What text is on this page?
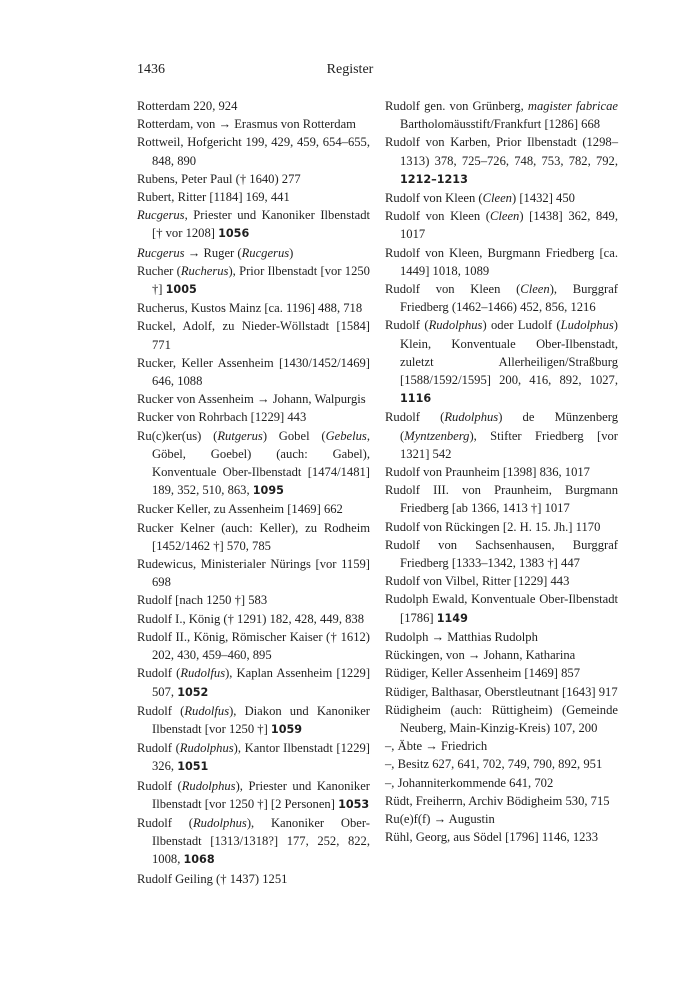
1436	Register
Rotterdam 220, 924
Rotterdam, von → Erasmus von Rotterdam
Rottweil, Hofgericht 199, 429, 459, 654–655, 848, 890
Rubens, Peter Paul († 1640) 277
Rubert, Ritter [1184] 169, 441
Rucgerus, Priester und Kanoniker Ilbenstadt [† vor 1208] 1056
Rucgerus → Ruger (Rucgerus)
Rucher (Rucherus), Prior Ilbenstadt [vor 1250 †] 1005
Rucherus, Kustos Mainz [ca. 1196] 488, 718
Ruckel, Adolf, zu Nieder-Wöllstadt [1584] 771
Rucker, Keller Assenheim [1430/1452/1469] 646, 1088
Rucker von Assenheim → Johann, Walpurgis
Rucker von Rohrbach [1229] 443
Ru(c)ker(us) (Rutgerus) Gobel (Gebelus, Göbel, Goebel) (auch: Gabel), Konventuale Ober-Ilbenstadt [1474/1481] 189, 352, 510, 863, 1095
Rucker Keller, zu Assenheim [1469] 662
Rucker Kelner (auch: Keller), zu Rodheim [1452/1462 †] 570, 785
Rudewicus, Ministerialer Nürings [vor 1159] 698
Rudolf [nach 1250 †] 583
Rudolf I., König († 1291) 182, 428, 449, 838
Rudolf II., König, Römischer Kaiser († 1612) 202, 430, 459–460, 895
Rudolf (Rudolfus), Kaplan Assenheim [1229] 507, 1052
Rudolf (Rudolfus), Diakon und Kanoniker Ilbenstadt [vor 1250 †] 1059
Rudolf (Rudolphus), Kantor Ilbenstadt [1229] 326, 1051
Rudolf (Rudolphus), Priester und Kanoniker Ilbenstadt [vor 1250 †] [2 Personen] 1053
Rudolf (Rudolphus), Kanoniker Ober-Ilbenstadt [1313/1318?] 177, 252, 822, 1008, 1068
Rudolf Geiling († 1437) 1251
Rudolf gen. von Grünberg, magister fabricae Bartholomäusstift/Frankfurt [1286] 668
Rudolf von Karben, Prior Ilbenstadt (1298–1313) 378, 725–726, 748, 753, 782, 792, 1212–1213
Rudolf von Kleen (Cleen) [1432] 450
Rudolf von Kleen (Cleen) [1438] 362, 849, 1017
Rudolf von Kleen, Burgmann Friedberg [ca. 1449] 1018, 1089
Rudolf von Kleen (Cleen), Burggraf Friedberg (1462–1466) 452, 856, 1216
Rudolf (Rudolphus) oder Ludolf (Ludolphus) Klein, Konventuale Ober-Ilbenstadt, zuletzt Allerheiligen/Straßburg [1588/1592/1595] 200, 416, 892, 1027, 1116
Rudolf (Rudolphus) de Münzenberg (Myntzenberg), Stifter Friedberg [vor 1321] 542
Rudolf von Praunheim [1398] 836, 1017
Rudolf III. von Praunheim, Burgmann Friedberg [ab 1366, 1413 †] 1017
Rudolf von Rückingen [2. H. 15. Jh.] 1170
Rudolf von Sachsenhausen, Burggraf Friedberg [1333–1342, 1383 †] 447
Rudolf von Vilbel, Ritter [1229] 443
Rudolph Ewald, Konventuale Ober-Ilbenstadt [1786] 1149
Rudolph → Matthias Rudolph
Rückingen, von → Johann, Katharina
Rüdiger, Keller Assenheim [1469] 857
Rüdiger, Balthasar, Oberstleutnant [1643] 917
Rüdigheim (auch: Rüttigheim) (Gemeinde Neuberg, Main-Kinzig-Kreis) 107, 200
–, Äbte → Friedrich
–, Besitz 627, 641, 702, 749, 790, 892, 951
–, Johanniterkommende 641, 702
Rüdt, Freiherrn, Archiv Bödigheim 530, 715
Ru(e)f(f) → Augustin
Rühl, Georg, aus Södel [1796] 1146, 1233
